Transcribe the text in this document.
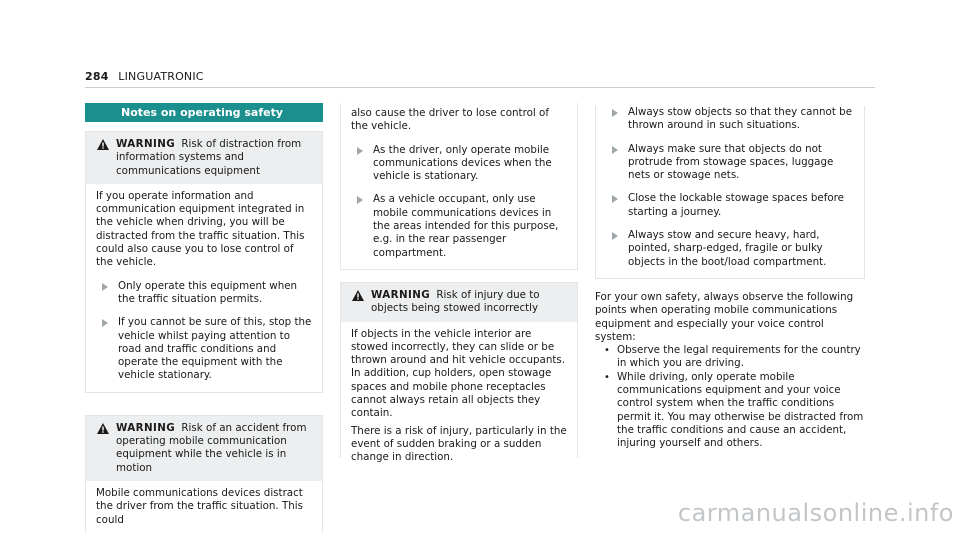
284 LINGUATRONIC
Notes on operating safety
WARNING Risk of distraction from information systems and communications equipment
If you operate information and communication equipment integrated in the vehicle when driving, you will be distracted from the traffic situation. This could also cause you to lose control of the vehicle.
Only operate this equipment when the traffic situation permits.
If you cannot be sure of this, stop the vehicle whilst paying attention to road and traffic conditions and operate the equipment with the vehicle stationary.
WARNING Risk of an accident from operating mobile communication equipment while the vehicle is in motion
Mobile communications devices distract the driver from the traffic situation. This could
also cause the driver to lose control of the vehicle.
As the driver, only operate mobile communications devices when the vehicle is stationary.
As a vehicle occupant, only use mobile communications devices in the areas intended for this purpose, e.g. in the rear passenger compartment.
WARNING Risk of injury due to objects being stowed incorrectly
If objects in the vehicle interior are stowed incorrectly, they can slide or be thrown around and hit vehicle occupants. In addition, cup holders, open stowage spaces and mobile phone receptacles cannot always retain all objects they contain.
There is a risk of injury, particularly in the event of sudden braking or a sudden change in direction.
Always stow objects so that they cannot be thrown around in such situations.
Always make sure that objects do not protrude from stowage spaces, luggage nets or stowage nets.
Close the lockable stowage spaces before starting a journey.
Always stow and secure heavy, hard, pointed, sharp-edged, fragile or bulky objects in the boot/load compartment.
For your own safety, always observe the following points when operating mobile communications equipment and especially your voice control system:
• Observe the legal requirements for the country in which you are driving.
• While driving, only operate mobile communications equipment and your voice control system when the traffic conditions permit it. You may otherwise be distracted from the traffic conditions and cause an accident, injuring yourself and others.
carmanualsonline.info
